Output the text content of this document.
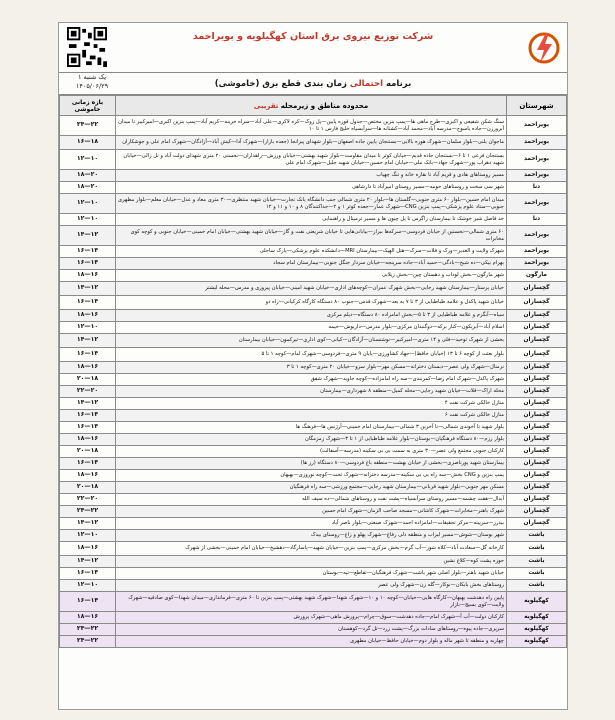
شرکت توزیع نیروی برق استان کهگیلویه و بویراحمد
یک شنبه ۱
۱۴۰۵/۰۶/۲۹	برنامه احتمالی زمان بندی قطع برق (خاموشی)
شهرستان	محدوده مناطق و زیرمحله تقریبی	بازه زمانی خاموشی
بویراحمد	سنگ شکن شفیعی و اکبری—طرح ماهی ها—پمپ بنزین مختص—جدول قوره پایین—پل زوک—کره لاکری—علی آباد—سراه خرینه—کریم آباد—پمپ بنزین اکبری—امیرکبیر تا میدان آبرورزن—جاده یاسوج—مدرسه آباد—محمد آباد—کشتانه ها—سرآبسیاه خلیج فارس ۱ تا ۱۰	۲۴—۲۲
بویراحمد	ماجوان بلنی—بلوار سلمان—شهرک هوره بالایی—بستنجان پایین جاده اصفهان—بلوار شهدای پیرانجا (جعده بازار)—شهرک آدا—کیش آباد—آزادگان—شهرک امام علی و جوشکاران	۱۶—۱۸
بویراحمد	بستنجان فرعی ۱ تا ۶—بستنجان جاده قدیم—خیابان کوثر تا میدان مقاومت—بلوار شهید بهشتی—خیابان ورزش—راهداران—نخستی ۲۰ متری شهدای دولت آباد و تل زالی—خیابان شهید دهراب پور—شهرک جهاد—بانک ملی—خیابان امام حسین—خیابان شهید جلیل—شهرک امام علی	۱۲—۱۰
بویراحمد	مسیر روستاهای هادی و قریم آباد تا نقاره خانه و تنگ چهیاب	۱۸—۲۰
دنا	شهر سی سخت و روستاهای حومه—مسیر روستای امیرآباد تا دارشاهی	۱۸—۲۰
بویراحمد	میدان امام حسین—بلوار ۶۰ متری جنوبی—گلستان ها—بلوار ۲۰ متری شمالی جنب دانشگاه بانک تجارت—خیابان شهید منتظری—۳۰ متری معاد و عدل—خیابان معلم—بلوار مطهری جنوبی—ستاد علوم پزشکی—پمپ بنزین CNG—شهرک عمار—جعده کوثر ۱ و ۲—جداکنندگان ۸ و ۱۰ و ۱۱ و ۱۲	۱۲—۱۰
دنا	حد فاصل شیر خوشک تا بیمارستان زاگرس تا پل چیون ها و مسیر ترمینال و راهنمایی	۱۲—۱۰
بویراحمد	۶۰ متری شمالی—نخستین از خیابان فردوسی—سرکه‌ها بیراز—بیابانی‌هایی تا خیابان شریعتی نفت و گاز—خیابان شهید بهشتی—خیابان امام خمینی—خیابان جنوبی و کوچه کوی مخابرات	۱۴—۱۲
بویراحمد	شهرک ولایت و الغدیر—ورک و فلات—سرک—هتل الهیک—بیمارستان MRI—دانشکده علوم پزشکی—پارک ساحلی	۱۶—۱۴
بویراحمد	بهرام بیکی—ده شیخ—بادگی—حمید آباد—جاده سرپنجه—خیابان سردار جنگل جنوبی—بیمارستان امام سجاد	۱۶—۱۴
مارگون	شهر مارگون—بخش لوداب و دهستان چین—بخش زیلایی	۱۸—۱۶
گچساران	خیابان پرستار—بیمارستان شهید رجایی—بخش شهرک عمران—کوچه‌های اداری—خیابان شهید امینی—خیابان پیروزی و مدرس—محله لیشتر	۱۴—۱۲
گچساران	خیابان شهید پاکدل و علامه طباطبایی از ۳ تا ۷ به بعد—شهرک قدس—جنوب ۸۰ دستگاه کارگاه کرکیانی—راه دو	۱۶—۱۴
گچساران	سیاه—آبگرم و علامه طباطبایی از ۳ تا ۵—بخش امامزاده ۸۰ دستگاه—دیلم مرکزی	۱۸—۱۶
گچساران	اسلام آباد—آبریکون—کنار برکه—دوگنبدان مرکزی—بلوار مدرس—داریوش—خیمه	۱۲—۱۰
گچساران	بخشی از شهرک توحید—فلی و ۱۴ متری—امیرکبیر—نوشتستان—آزادگان—کیانی—کوی اداری—تیرکمون—خیابان بیمارستان	۱۴—۱۲
گچساران	بلوار بعثت از کوچه ۶ تا ۱۳ (خیابان حافظ)—جهاد کشاورزی—پایان ۹ متری—فردوسی—شهرک امام—کوچه ۱ تا ۵	۱۶—۱۴
گچساران	نرمنال—شهرک ولی عصر—دبستان دخترانه—مسکن مهر—بلوار سرو—خیابان ۲۰ متری—کوچه ۱ تا ۳	۱۸—۱۶
گچساران	شهرک پاکدل—شهرک امام رضا—کمربندی—سه راه امامزاده—کوچه جاوید—شهرک شفق	۲۰—۱۸
گچساران	محله اراک—قلات—خیابان شهید رجایی—محله کمیل—منطقه ۸ شهرداری—بیمارستان	۲۲—۲۰
گچساران	منازل خالکی شرکت نفت ۴	۱۴—۱۲
گچساران	منازل خالکی شرکت نفت ۶	۱۶—۱۴
گچساران	بلوار شهید تا آخوندی شمالی—تا آخرین ۳ شمالی—بیمارستان امام خمینی—آرژنس ها—فرهنگ ها	۱۶—۱۴
گچساران	بلوار رزم—۸۰ دستگاه فرهنگیان—بوستان—بلوار علامه طباطبایی از ۱ تا ۳—شهرک زمزمگان	۱۸—۱۶
گچساران	کارکنان جنوبی مجتمع ولی عصر—۳۰ متری به سمت بی بی سکینه (مدرسه—آسفالت)	۲۰—۱۸
گچساران	بیمارستان شهید پورناصری—بخشی از خیابان بهشت—منطقه باغ فردوسی—۸۰ دستگاه (رز ها)	۱۶—۱۴
گچساران	پمپ بنزین و CNG بخش—سه راه بی بی سکینه—مدرسه دخترانه—شهرک تخت—کوچه نوروزی—بهبهان	۱۸—۱۶
گچساران	مسکن مهر جنوبی—بلوار شهید قربانی—بیمارستان شهید رجایی—مجتمع ورزشی—سه راه فرهنگیان	۲۰—۱۸
گچساران	آبدال—هفت چشمه—مسیر روستای سرآبسیاه—پشت نفت و روستاهای شمالی—ده سیف الله	۲۲—۲۰
گچساران	شهرک باهنر—مخابرات—شهرک کاشانی—مسجد صاحب الزمان—شهرک امام حسین	۲۴—۲۲
گچساران	بیدرز—سرپینه—مرکز تحقیقات—امامزاده احمد—شهرک صنعتی—بلوار ناصر آباد	۱۴—۱۲
باشت	شهر بوستان—شوش—مسیر لیراب و منطقه دلی رفاغ—شهرک پهلو و زاغ—روستای بیدک	۱۲—۱۰
باشت	کارخانه گل—سعادت آباد—کلاه شور—آب گرم—بخش مرکزی—پمپ بنزین—خیابان شهید—پاسارگاد—دهشیخ—خیابان امام خمینی—بخشی از شهرک	۱۸—۱۶
باشت	حوزه پشت کوه—کلاغ نشین	۱۴—۱۲
باشت	خیابان شهید باهنر—بلوار اصلی شهر باشت—شهرک فرهنگیان—تقاطع—تپه—بوستان	۱۶—۱۴
باشت	روستاهای بخش بابکان—نوکار—گله زن—شهرک ولی عصر	۱۲—۱۰
کهگیلویه	پایین راه دهدشت بهبهان—کارگاه هایی—خیابان—کوچه ۱۰ و ۱۰—شهرک شهدا—شهرک شهید بهشتی—پمپ بنزین تا ۶۰ متری—فرمانداری—میدان شهدا—کوی صادقیه—شهرک ولایت—کوی بسیج—بازار	۱۶—۱۴
کهگیلویه	کارکنان دولت—آب آ—شهرک امام—جاده دهدشت—سوق—چرام—پرورش ماهی—شهرک پرورش	۱۸—۱۶
کهگیلویه	سرپری—جاده پیوه—روستاهای سادات بزرگ—پشت زرد—تل گرد—کوهستان	۲۴—۲۲
کهگیلویه	چهاربه و منطقه تا شهر ماله و بلوار دوم—خیابان حافظ—خیابان مطهری	۲۴—۲۲
